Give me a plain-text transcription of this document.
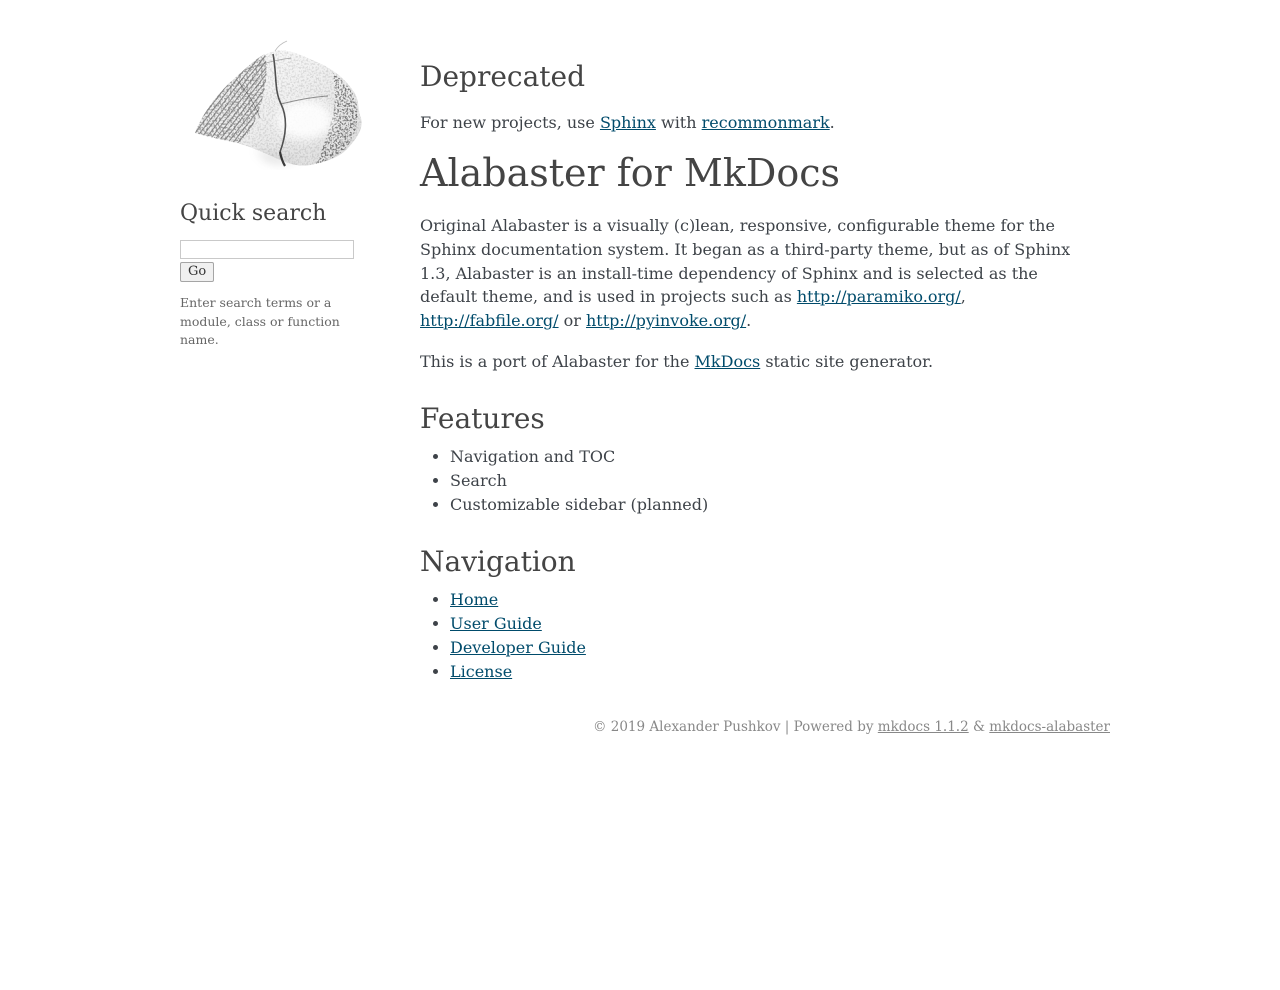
Quick search

Go

Enter search terms or a module, class or function name.

Deprecated

For new projects, use Sphinx with recommonmark.

Alabaster for MkDocs

Original Alabaster is a visually (c)lean, responsive, configurable theme for the Sphinx documentation system. It began as a third-party theme, but as of Sphinx 1.3, Alabaster is an install-time dependency of Sphinx and is selected as the default theme, and is used in projects such as http://paramiko.org/, http://fabfile.org/ or http://pyinvoke.org/.

This is a port of Alabaster for the MkDocs static site generator.

Features
• Navigation and TOC
• Search
• Customizable sidebar (planned)
Navigation
• Home
• User Guide
• Developer Guide
• License
© 2019 Alexander Pushkov | Powered by mkdocs 1.1.2 & mkdocs-alabaster
